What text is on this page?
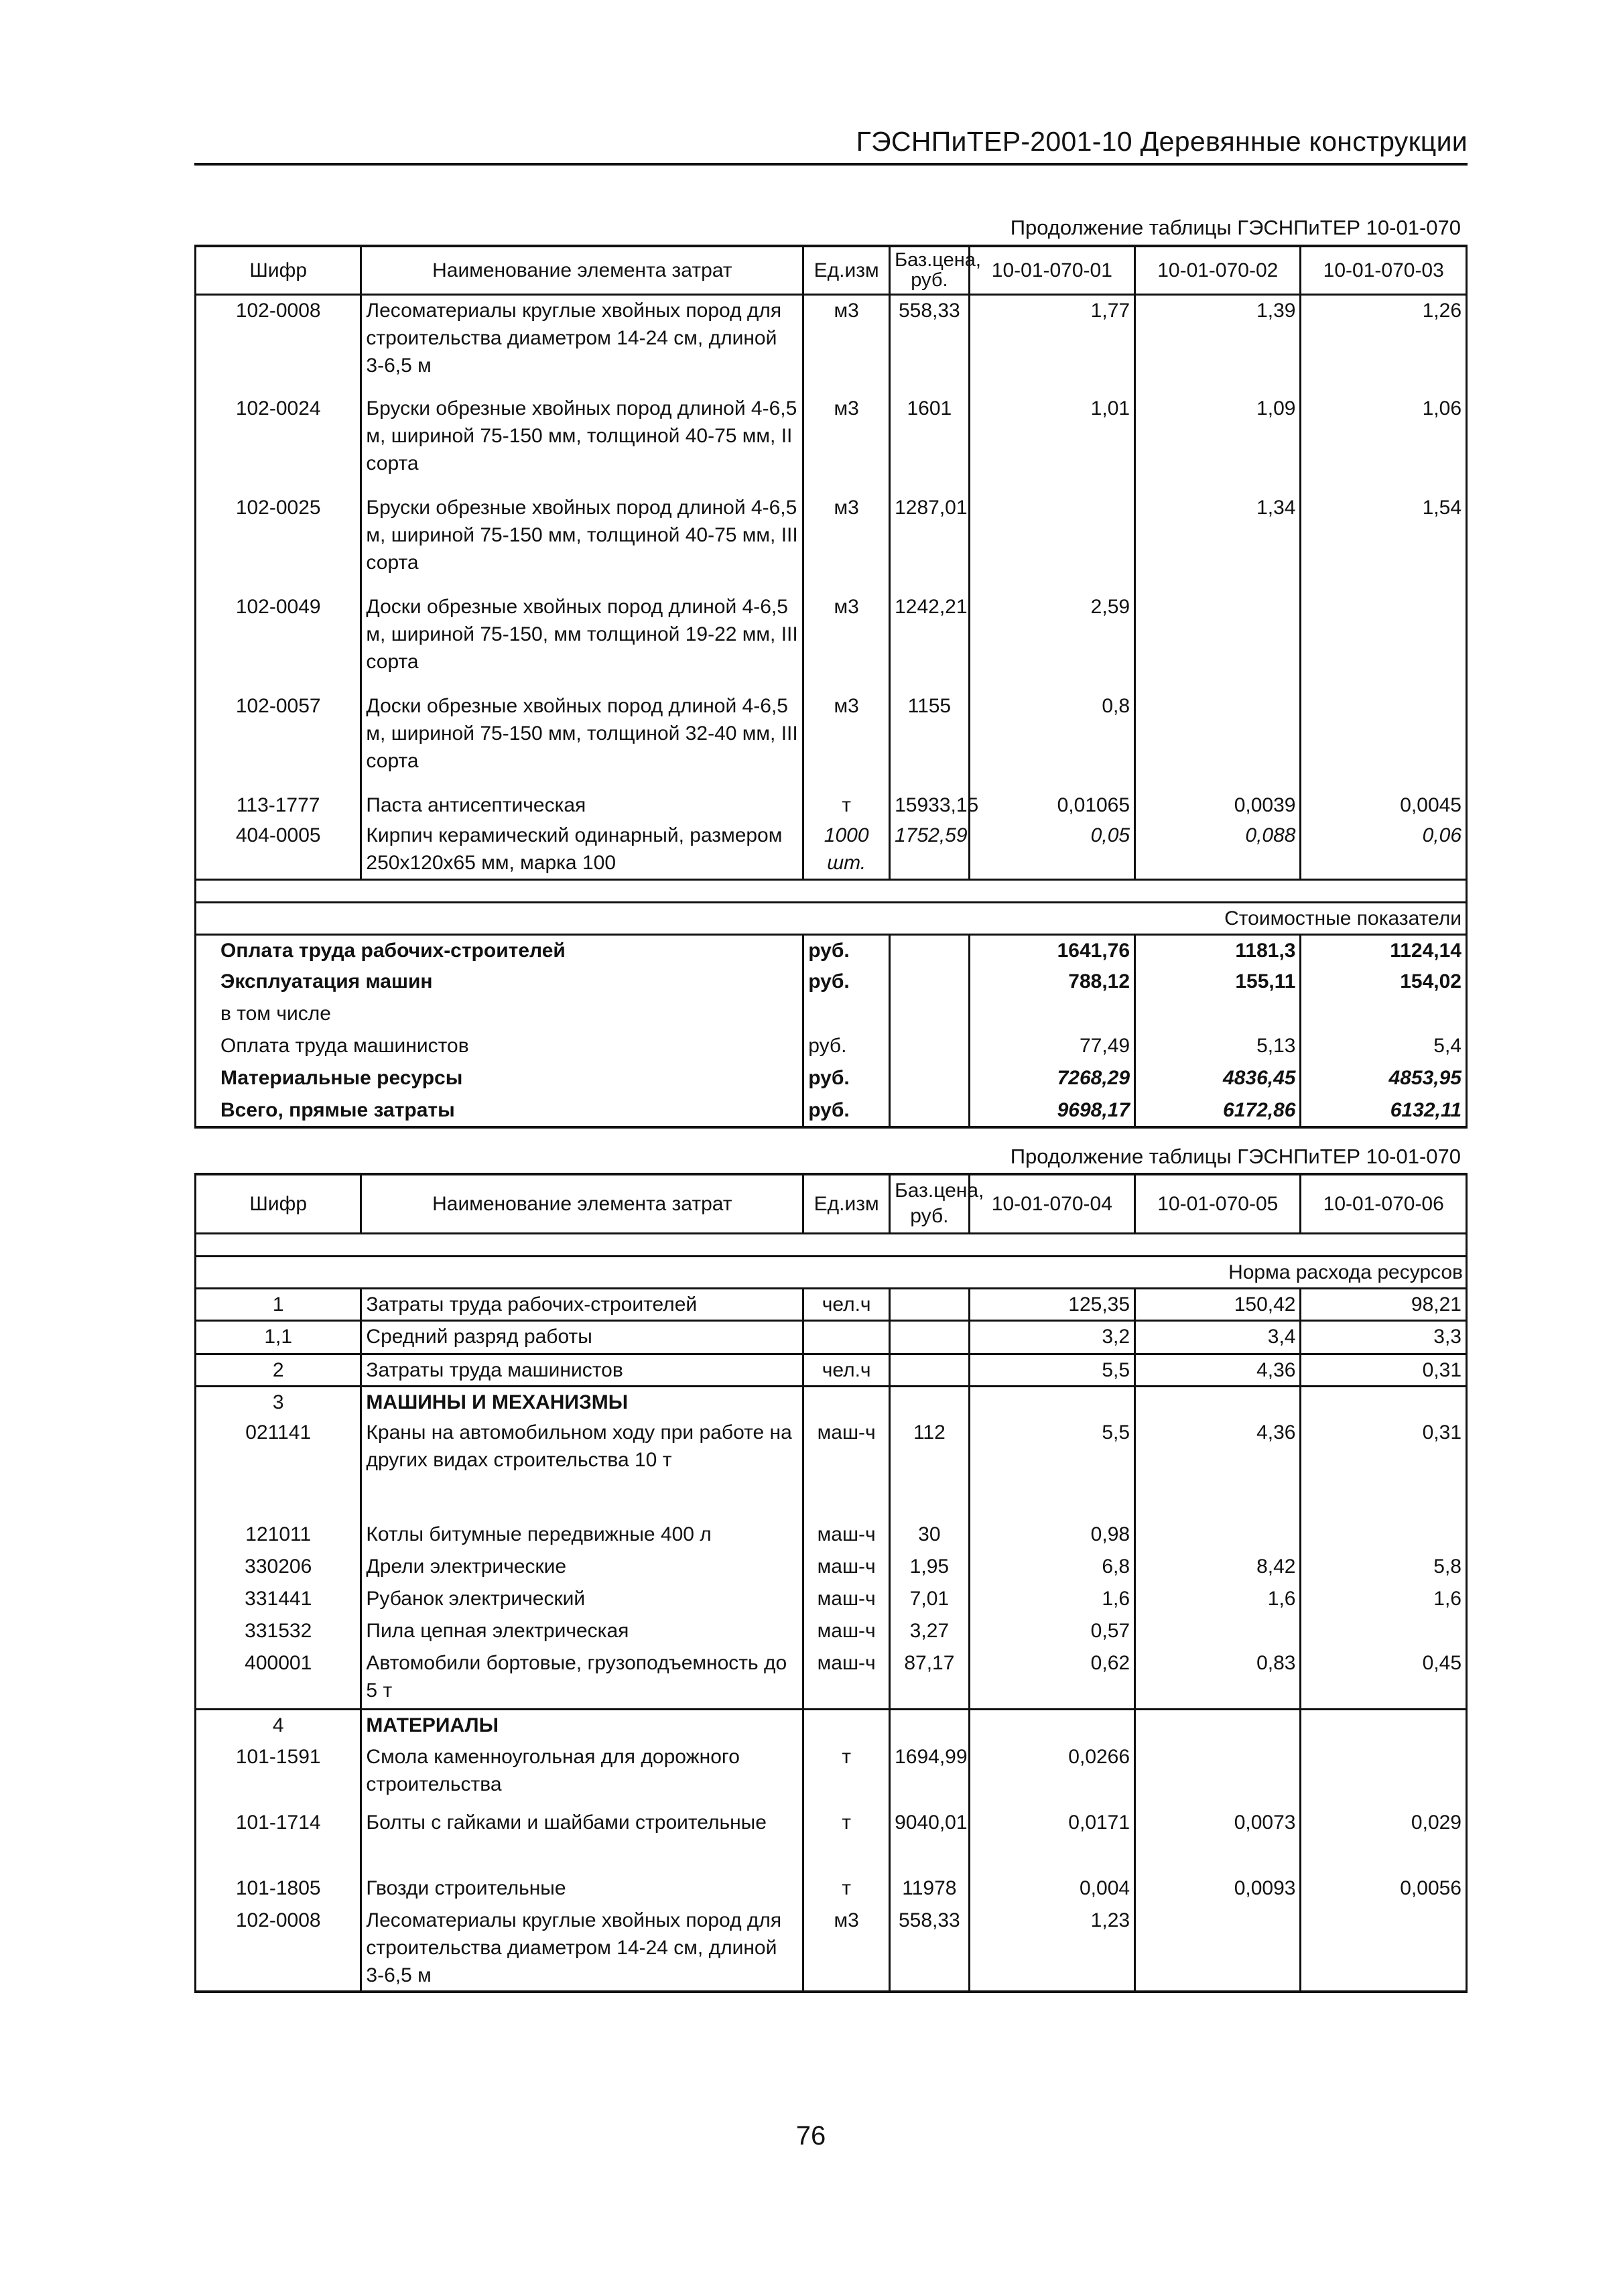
ГЭСНПиТЕР-2001-10 Деревянные конструкции
Продолжение таблицы ГЭСНПиТЕР 10-01-070
Шифр	Наименование элемента затрат	Ед.изм	Баз.цена, руб.	10-01-070-01	10-01-070-02	10-01-070-03
102-0008	Лесоматериалы круглые хвойных пород для строительства диаметром 14-24 см, длиной 3-6,5 м	м3	558,33	1,77	1,39	1,26
102-0024	Бруски обрезные хвойных пород длиной 4-6,5 м, шириной 75-150 мм, толщиной 40-75 мм, II сорта	м3	1601	1,01	1,09	1,06
102-0025	Бруски обрезные хвойных пород длиной 4-6,5 м, шириной 75-150 мм, толщиной 40-75 мм, III сорта	м3	1287,01		1,34	1,54
102-0049	Доски обрезные хвойных пород длиной 4-6,5 м, шириной 75-150, мм толщиной 19-22 мм, III сорта	м3	1242,21	2,59		
102-0057	Доски обрезные хвойных пород длиной 4-6,5 м, шириной 75-150 мм, толщиной 32-40 мм, III сорта	м3	1155	0,8		
113-1777	Паста антисептическая	т	15933,15	0,01065	0,0039	0,0045
404-0005	Кирпич керамический одинарный, размером 250x120x65 мм, марка 100	1000 шт.	1752,59	0,05	0,088	0,06

Стоимостные показатели						
Оплата труда рабочих-строителей		руб.		1641,76	1181,3	1124,14
Эксплуатация машин		руб.		788,12	155,11	154,02
в том числе						
Оплата труда машинистов		руб.		77,49	5,13	5,4
Материальные ресурсы		руб.		7268,29	4836,45	4853,95
Всего, прямые затраты		руб.		9698,17	6172,86	6132,11
Продолжение таблицы ГЭСНПиТЕР 10-01-070
Шифр	Наименование элемента затрат	Ед.изм	Баз.цена, руб.	10-01-070-04	10-01-070-05	10-01-070-06

					Норма расхода ресурсов	
1	Затраты труда рабочих-строителей	чел.ч		125,35	150,42	98,21
1,1	Средний разряд работы			3,2	3,4	3,3
2	Затраты труда машинистов	чел.ч		5,5	4,36	0,31
3	МАШИНЫ И МЕХАНИЗМЫ					
021141	Краны на автомобильном ходу при работе на других видах строительства 10 т	маш-ч	112	5,5	4,36	0,31
121011	Котлы битумные передвижные 400 л	маш-ч	30	0,98		
330206	Дрели электрические	маш-ч	1,95	6,8	8,42	5,8
331441	Рубанок электрический	маш-ч	7,01	1,6	1,6	1,6
331532	Пила цепная электрическая	маш-ч	3,27	0,57		
400001	Автомобили бортовые, грузоподъемность до 5 т	маш-ч	87,17	0,62	0,83	0,45
4	МАТЕРИАЛЫ					
101-1591	Смола каменноугольная для дорожного строительства	т	1694,99	0,0266		
101-1714	Болты с гайками и шайбами строительные	т	9040,01	0,0171	0,0073	0,029
101-1805	Гвозди строительные	т	11978	0,004	0,0093	0,0056
102-0008	Лесоматериалы круглые хвойных пород для строительства диаметром 14-24 см, длиной 3-6,5 м	м3	558,33	1,23		
76
